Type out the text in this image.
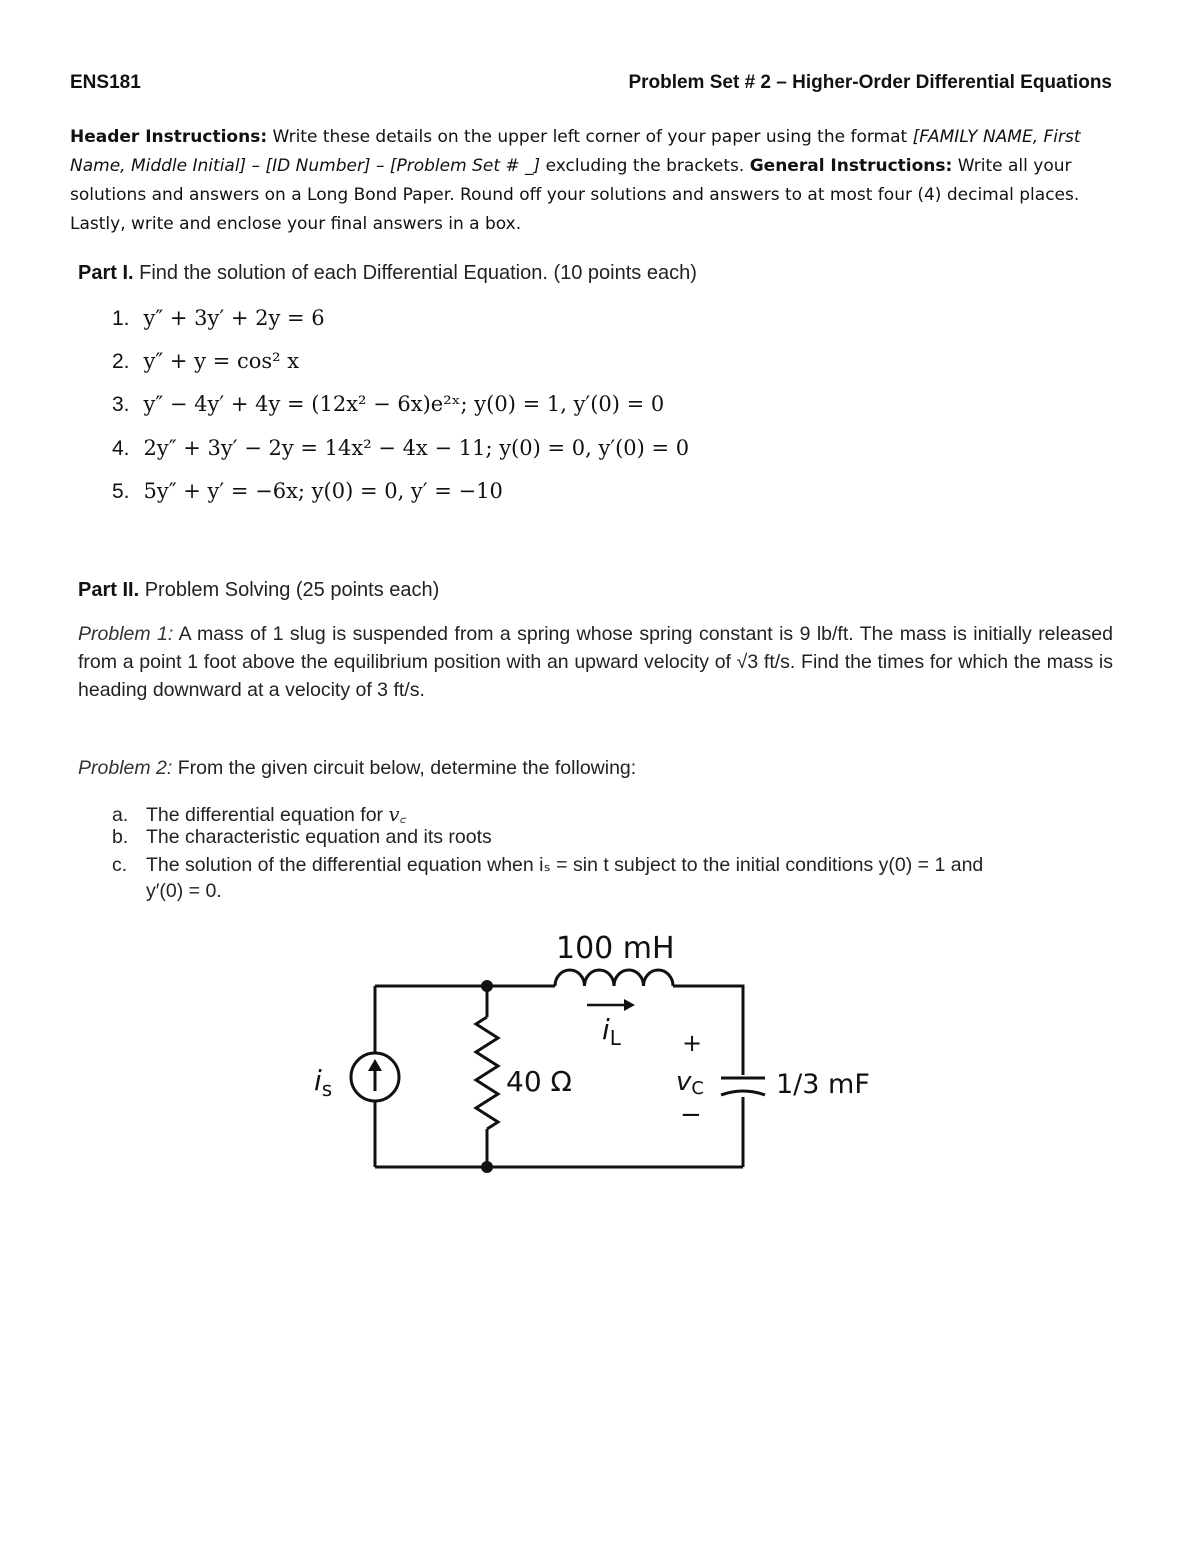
ENS181	Problem Set # 2 – Higher-Order Differential Equations
Header Instructions: Write these details on the upper left corner of your paper using the format [FAMILY NAME, First Name, Middle Initial] – [ID Number] – [Problem Set # _] excluding the brackets. General Instructions: Write all your solutions and answers on a Long Bond Paper. Round off your solutions and answers to at most four (4) decimal places. Lastly, write and enclose your final answers in a box.
Part I. Find the solution of each Differential Equation. (10 points each)
1. y″ + 3y′ + 2y = 6
2. y″ + y = cos² x
3. y″ − 4y′ + 4y = (12x² − 6x)e²ˣ; y(0) = 1, y′(0) = 0
4. 2y″ + 3y′ − 2y = 14x² − 4x − 11; y(0) = 0, y′(0) = 0
5. 5y″ + y′ = −6x; y(0) = 0, y′ = −10
Part II. Problem Solving (25 points each)
Problem 1: A mass of 1 slug is suspended from a spring whose spring constant is 9 lb/ft. The mass is initially released from a point 1 foot above the equilibrium position with an upward velocity of √3 ft/s. Find the times for which the mass is heading downward at a velocity of 3 ft/s.
Problem 2: From the given circuit below, determine the following:
a. The differential equation for v꜀
b. The characteristic equation and its roots
c. The solution of the differential equation when iₛ = sin t subject to the initial conditions y(0) = 1 and
y′(0) = 0.
100 mH
$i_L$
40 Ω
$i_s$
+
vC
−
1/3 mF
